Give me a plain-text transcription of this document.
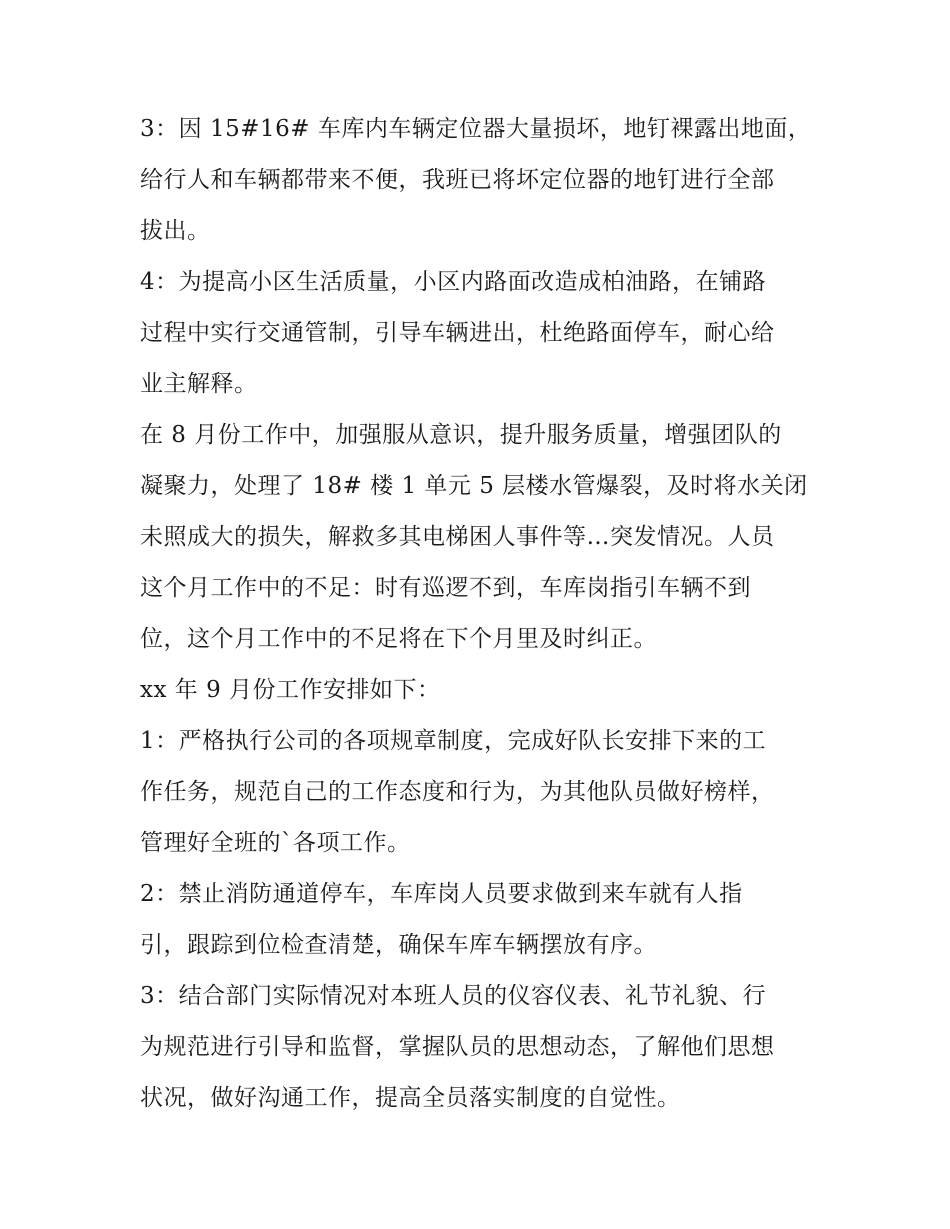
3：因 15#16# 车库内车辆定位器大量损坏，地钉裸露出地面，
给行人和车辆都带来不便，我班已将坏定位器的地钉进行全部
拔出。
4：为提高小区生活质量，小区内路面改造成柏油路，在铺路
过程中实行交通管制，引导车辆进出，杜绝路面停车，耐心给
业主解释。
在 8 月份工作中，加强服从意识，提升服务质量，增强团队的
凝聚力，处理了 18# 楼 1 单元 5 层楼水管爆裂，及时将水关闭
未照成大的损失，解救多其电梯困人事件等…突发情况。人员
这个月工作中的不足：时有巡逻不到，车库岗指引车辆不到
位，这个月工作中的不足将在下个月里及时纠正。
xx 年 9 月份工作安排如下：
1：严格执行公司的各项规章制度，完成好队长安排下来的工
作任务，规范自己的工作态度和行为，为其他队员做好榜样，
管理好全班的`各项工作。
2：禁止消防通道停车，车库岗人员要求做到来车就有人指
引，跟踪到位检查清楚，确保车库车辆摆放有序。
3：结合部门实际情况对本班人员的仪容仪表、礼节礼貌、行
为规范进行引导和监督，掌握队员的思想动态，了解他们思想
状况，做好沟通工作，提高全员落实制度的自觉性。
